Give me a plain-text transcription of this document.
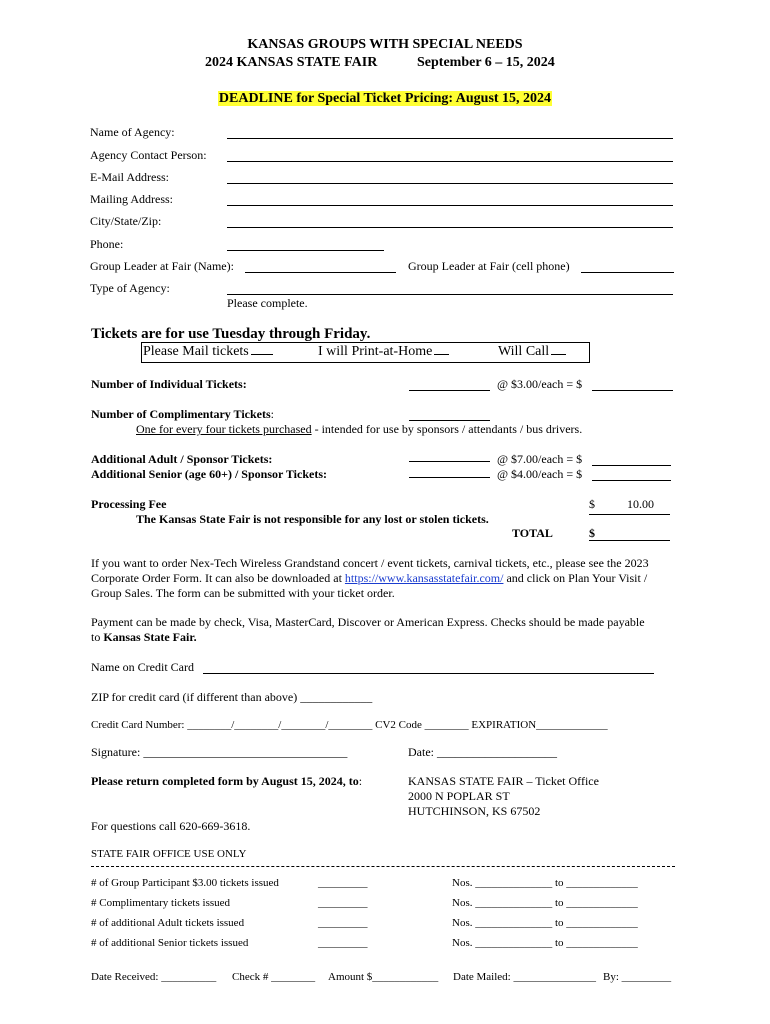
KANSAS GROUPS WITH SPECIAL NEEDS
2024 KANSAS STATE FAIR	September 6 – 15, 2024
DEADLINE for Special Ticket Pricing: August 15, 2024
Name of Agency:
Agency Contact Person:
E-Mail Address:
Mailing Address:
City/State/Zip:
Phone:
Group Leader at Fair (Name):	Group Leader at Fair (cell phone)
Type of Agency:
Please complete.
Tickets are for use Tuesday through Friday.
Please Mail tickets	I will Print-at-Home	Will Call
Number of Individual Tickets:	@ $3.00/each = $
Number of Complimentary Tickets:
One for every four tickets purchased - intended for use by sponsors / attendants / bus drivers.
Additional Adult / Sponsor Tickets:	@ $7.00/each = $
Additional Senior (age 60+) / Sponsor Tickets:	@ $4.00/each = $
Processing Fee	$	10.00
The Kansas State Fair is not responsible for any lost or stolen tickets.
TOTAL	$
If you want to order Nex-Tech Wireless Grandstand concert / event tickets, carnival tickets, etc., please see the 2023
Corporate Order Form. It can also be downloaded at https://www.kansasstatefair.com/ and click on Plan Your Visit /
Group Sales. The form can be submitted with your ticket order.
Payment can be made by check, Visa, MasterCard, Discover or American Express. Checks should be made payable
to Kansas State Fair.
Name on Credit Card
ZIP for credit card (if different than above) ____________
Credit Card Number: ________/________/________/________ CV2 Code ________ EXPIRATION_____________
Signature: __________________________________	Date: ____________________
Please return completed form by August 15, 2024, to:	KANSAS STATE FAIR – Ticket Office
2000 N POPLAR ST
HUTCHINSON, KS 67502
For questions call 620-669-3618.
STATE FAIR OFFICE USE ONLY
# of Group Participant $3.00 tickets issued	_________	Nos. ______________ to _____________
# Complimentary tickets issued	_________	Nos. ______________ to _____________
# of additional Adult tickets issued	_________	Nos. ______________ to _____________
# of additional Senior tickets issued	_________	Nos. ______________ to _____________
Date Received: __________ Check # ________ Amount $____________ Date Mailed: _______________ By: _________
